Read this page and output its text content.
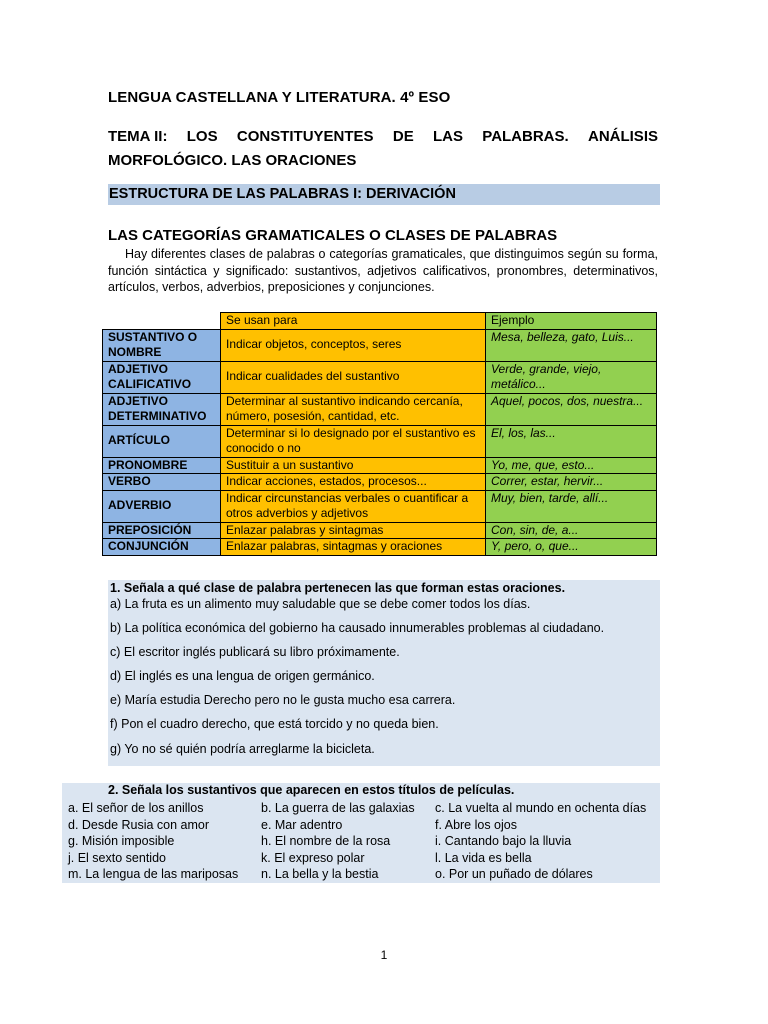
LENGUA CASTELLANA Y LITERATURA. 4º ESO
TEMA II: LOS CONSTITUYENTES DE LAS PALABRAS. ANÁLISIS
MORFOLÓGICO. LAS ORACIONES
ESTRUCTURA DE LAS PALABRAS I: DERIVACIÓN
LAS CATEGORÍAS GRAMATICALES O CLASES DE PALABRAS
Hay diferentes clases de palabras o categorías gramaticales, que distinguimos según su forma, función sintáctica y significado: sustantivos, adjetivos calificativos, pronombres, determinativos, artículos, verbos, adverbios, preposiciones y conjunciones.
	Se usan para	Ejemplo
SUSTANTIVO O NOMBRE	Indicar objetos, conceptos, seres	Mesa, belleza, gato, Luis...
ADJETIVO CALIFICATIVO	Indicar cualidades del sustantivo	Verde, grande, viejo, metálico...
ADJETIVO DETERMINATIVO	Determinar al sustantivo indicando cercanía, número, posesión, cantidad, etc.	Aquel, pocos, dos, nuestra...
ARTÍCULO	Determinar si lo designado por el sustantivo es conocido o no	El, los, las...
PRONOMBRE	Sustituir a un sustantivo	Yo, me, que, esto...
VERBO	Indicar acciones, estados, procesos...	Correr, estar, hervir...
ADVERBIO	Indicar circunstancias verbales o cuantificar a otros adverbios y adjetivos	Muy, bien, tarde, allí...
PREPOSICIÓN	Enlazar palabras y sintagmas	Con, sin, de, a...
CONJUNCIÓN	Enlazar palabras, sintagmas y oraciones	Y, pero, o, que...
1. Señala a qué clase de palabra pertenecen las que forman estas oraciones.
a) La fruta es un alimento muy saludable que se debe comer todos los días.
b) La política económica del gobierno ha causado innumerables problemas al ciudadano.
c) El escritor inglés publicará su libro próximamente.
d) El inglés es una lengua de origen germánico.
e) María estudia Derecho pero no le gusta mucho esa carrera.
f) Pon el cuadro derecho, que está torcido y no queda bien.
g) Yo no sé quién podría arreglarme la bicicleta.
2. Señala los sustantivos que aparecen en estos títulos de películas.
a. El señor de los anillos	b. La guerra de las galaxias	c. La vuelta al mundo en ochenta días
d. Desde Rusia con amor	e. Mar adentro	f. Abre los ojos
g. Misión imposible	h. El nombre de la rosa	i. Cantando bajo la lluvia
j. El sexto sentido	k. El expreso polar	l. La vida es bella
m. La lengua de las mariposas	n. La bella y la bestia	o. Por un puñado de dólares
1
